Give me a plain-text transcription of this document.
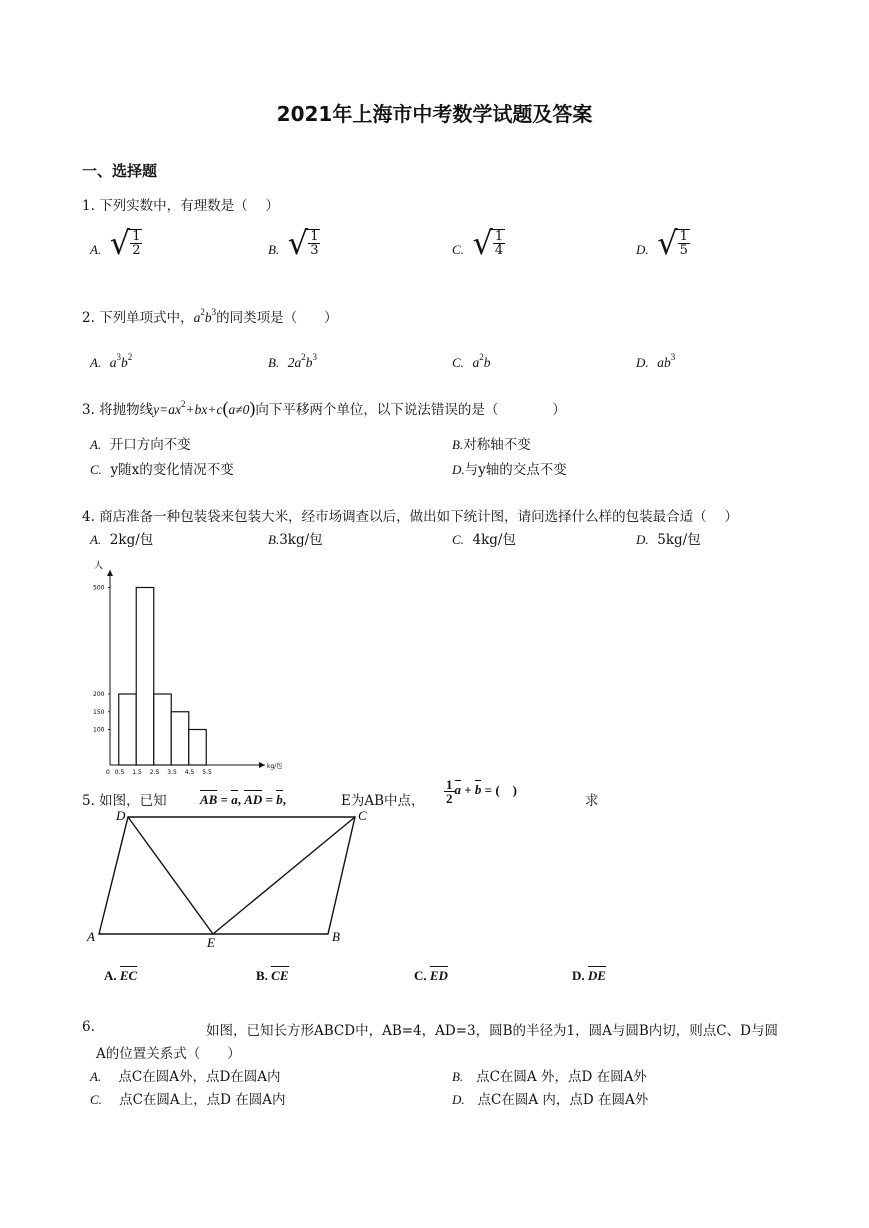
2021年上海市中考数学试题及答案
一、选择题
1. 下列实数中，有理数是（　 ）
A. √ $\frac{1}{2}$	B. √ $\frac{1}{3}$	C. √ $\frac{1}{4}$	D. √ $\frac{1}{5}$
2. 下列单项式中，$a^2b^3$的同类项是（　　）
A. $a^3b^2$	B. $2a^2b^3$	C. $a^2b$	D. $ab^3$
3. 将抛物线$y=ax^2+bx+c(a\ne 0)$向下平移两个单位，以下说法错误的是（　　　　）
A. 开口方向不变	B.对称轴不变
C. y随x的变化情况不变	D.与y轴的交点不变
4. 商店准备一种包装袋来包装大米，经市场调查以后，做出如下统计图，请问选择什么样的包装最合适（　 ）
A. 2kg/包	B.3kg/包	C. 4kg/包	D. 5kg/包
人
kg/包
100
150
200
500
0 0.5 1.5 2.5 3.5 4.5 5.5
5. 如图，已知	AB = a, AD = b,	E为AB中点， $\frac{1}{2}$ a + b = (　)
求
D	C
A	E	B
A. EC	B. CE	C. ED	D. DE
6.	如图，已知长方形ABCD中，AB=4，AD=3，圆B的半径为1，圆A与圆B内切，则点C、D与圆
A的位置关系式（　　）
A. 点C在圆A外，点D在圆A内	B. 点C在圆A 外，点D 在圆A外
C. 点C在圆A上，点D 在圆A内	D. 点C在圆A 内，点D 在圆A外
